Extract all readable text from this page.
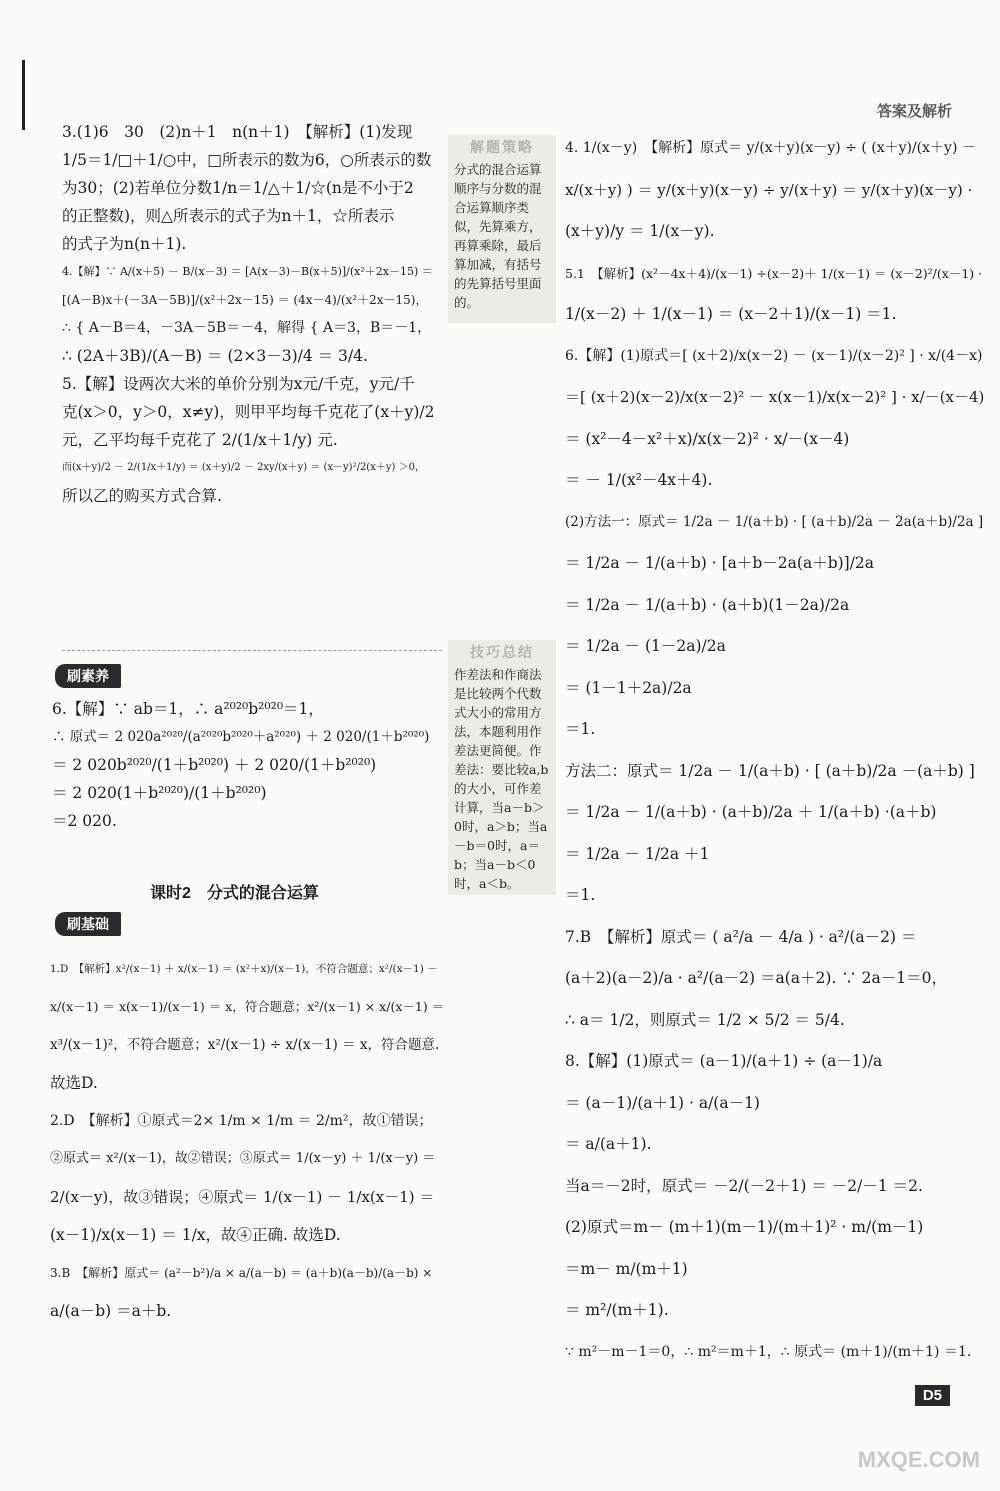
答案及解析

3.(1)6　30　(2)n＋1　n(n＋1)　【解析】(1)发现

1/5＝1/□＋1/○中，□所表示的数为6，○所表示的数

为30；(2)若单位分数1/n＝1/△＋1/☆(n是不小于2

的正整数)，则△所表示的式子为n＋1，☆所表示

的式子为n(n＋1).

4.【解】∵ A/(x＋5) － B/(x－3) ＝ [A(x－3)－B(x＋5)]/(x²＋2x－15) ＝

[(A－B)x＋(－3A－5B)]/(x²＋2x－15) ＝ (4x－4)/(x²＋2x－15)，

∴ { A－B＝4，－3A－5B＝－4，解得 { A＝3，B＝－1，

∴ (2A＋3B)/(A－B) ＝ (2×3－3)/4 ＝ 3/4.

5.【解】设两次大米的单价分别为x元/千克，y元/千

克(x＞0，y＞0，x≠y)，则甲平均每千克花了(x＋y)/2

元，乙平均每千克花了 2/(1/x＋1/y) 元.

而(x＋y)/2 － 2/(1/x＋1/y) ＝ (x＋y)/2 － 2xy/(x＋y) ＝ (x－y)²/2(x＋y) ＞0，

所以乙的购买方式合算.

解题策略

分式的混合运算顺序与分数的混合运算顺序类似，先算乘方，再算乘除，最后算加减，有括号的先算括号里面的。

技巧总结

作差法和作商法是比较两个代数式大小的常用方法，本题利用作差法更简便。作差法：要比较a,b的大小，可作差计算，当a－b＞0时，a＞b；当a－b＝0时，a＝b；当a－b＜0时，a＜b。

刷素养

6.【解】∵ ab＝1，∴ a²⁰²⁰b²⁰²⁰＝1，

∴ 原式＝ 2 020a²⁰²⁰/(a²⁰²⁰b²⁰²⁰＋a²⁰²⁰) ＋ 2 020/(1＋b²⁰²⁰)

＝ 2 020b²⁰²⁰/(1＋b²⁰²⁰) ＋ 2 020/(1＋b²⁰²⁰)

＝ 2 020(1＋b²⁰²⁰)/(1＋b²⁰²⁰)

＝2 020.

课时2　分式的混合运算
刷基础

1.D　【解析】x²/(x－1) ＋ x/(x－1) ＝ (x²＋x)/(x－1)，不符合题意；x²/(x－1) －

x/(x－1) ＝ x(x－1)/(x－1) ＝ x，符合题意；x²/(x－1) × x/(x－1) ＝

x³/(x－1)²，不符合题意；x²/(x－1) ÷ x/(x－1) ＝ x，符合题意.

故选D.

2.D　【解析】①原式＝2× 1/m × 1/m ＝ 2/m²，故①错误；

②原式＝ x²/(x－1)，故②错误；③原式＝ 1/(x－y) ＋ 1/(x－y) ＝

2/(x－y)，故③错误；④原式＝ 1/(x－1) － 1/x(x－1) ＝

(x－1)/x(x－1) ＝ 1/x，故④正确. 故选D.

3.B　【解析】原式＝ (a²－b²)/a × a/(a－b) ＝ (a＋b)(a－b)/(a－b) ×

a/(a－b) ＝a＋b.

4. 1/(x－y)　【解析】原式＝ y/(x＋y)(x－y) ÷ ( (x＋y)/(x＋y) －

x/(x＋y) ) ＝ y/(x＋y)(x－y) ÷ y/(x＋y) ＝ y/(x＋y)(x－y) ·

(x＋y)/y ＝ 1/(x－y).

5.1　【解析】(x²－4x＋4)/(x－1) ÷(x－2)＋ 1/(x－1) ＝ (x－2)²/(x－1) ·

1/(x－2) ＋ 1/(x－1) ＝ (x－2＋1)/(x－1) ＝1.

6.【解】(1)原式＝[ (x＋2)/x(x－2) － (x－1)/(x－2)² ] · x/(4－x)

＝[ (x＋2)(x－2)/x(x－2)² － x(x－1)/x(x－2)² ] · x/－(x－4)

＝ (x²－4－x²＋x)/x(x－2)² · x/－(x－4)

＝ － 1/(x²－4x＋4).

(2)方法一：原式＝ 1/2a － 1/(a＋b) · [ (a＋b)/2a － 2a(a＋b)/2a ]

＝ 1/2a － 1/(a＋b) · [a＋b－2a(a＋b)]/2a

＝ 1/2a － 1/(a＋b) · (a＋b)(1－2a)/2a

＝ 1/2a － (1－2a)/2a

＝ (1－1＋2a)/2a

＝1.

方法二：原式＝ 1/2a － 1/(a＋b) · [ (a＋b)/2a －(a＋b) ]

＝ 1/2a － 1/(a＋b) · (a＋b)/2a ＋ 1/(a＋b) ·(a＋b)

＝ 1/2a － 1/2a ＋1

＝1.

7.B　【解析】原式＝ ( a²/a － 4/a ) · a²/(a－2) ＝

(a＋2)(a－2)/a · a²/(a－2) ＝a(a＋2). ∵ 2a－1＝0，

∴ a＝ 1/2，则原式＝ 1/2 × 5/2 ＝ 5/4.

8.【解】(1)原式＝ (a－1)/(a＋1) ÷ (a－1)/a

＝ (a－1)/(a＋1) · a/(a－1)

＝ a/(a＋1).

当a＝－2时，原式＝ －2/(－2＋1) ＝ －2/－1 ＝2.

(2)原式＝m－ (m＋1)(m－1)/(m＋1)² · m/(m－1)

＝m－ m/(m＋1)

＝ m²/(m＋1).

∵ m²－m－1＝0，∴ m²＝m＋1，∴ 原式＝ (m＋1)/(m＋1) ＝1.

D5
MXQE.COM
